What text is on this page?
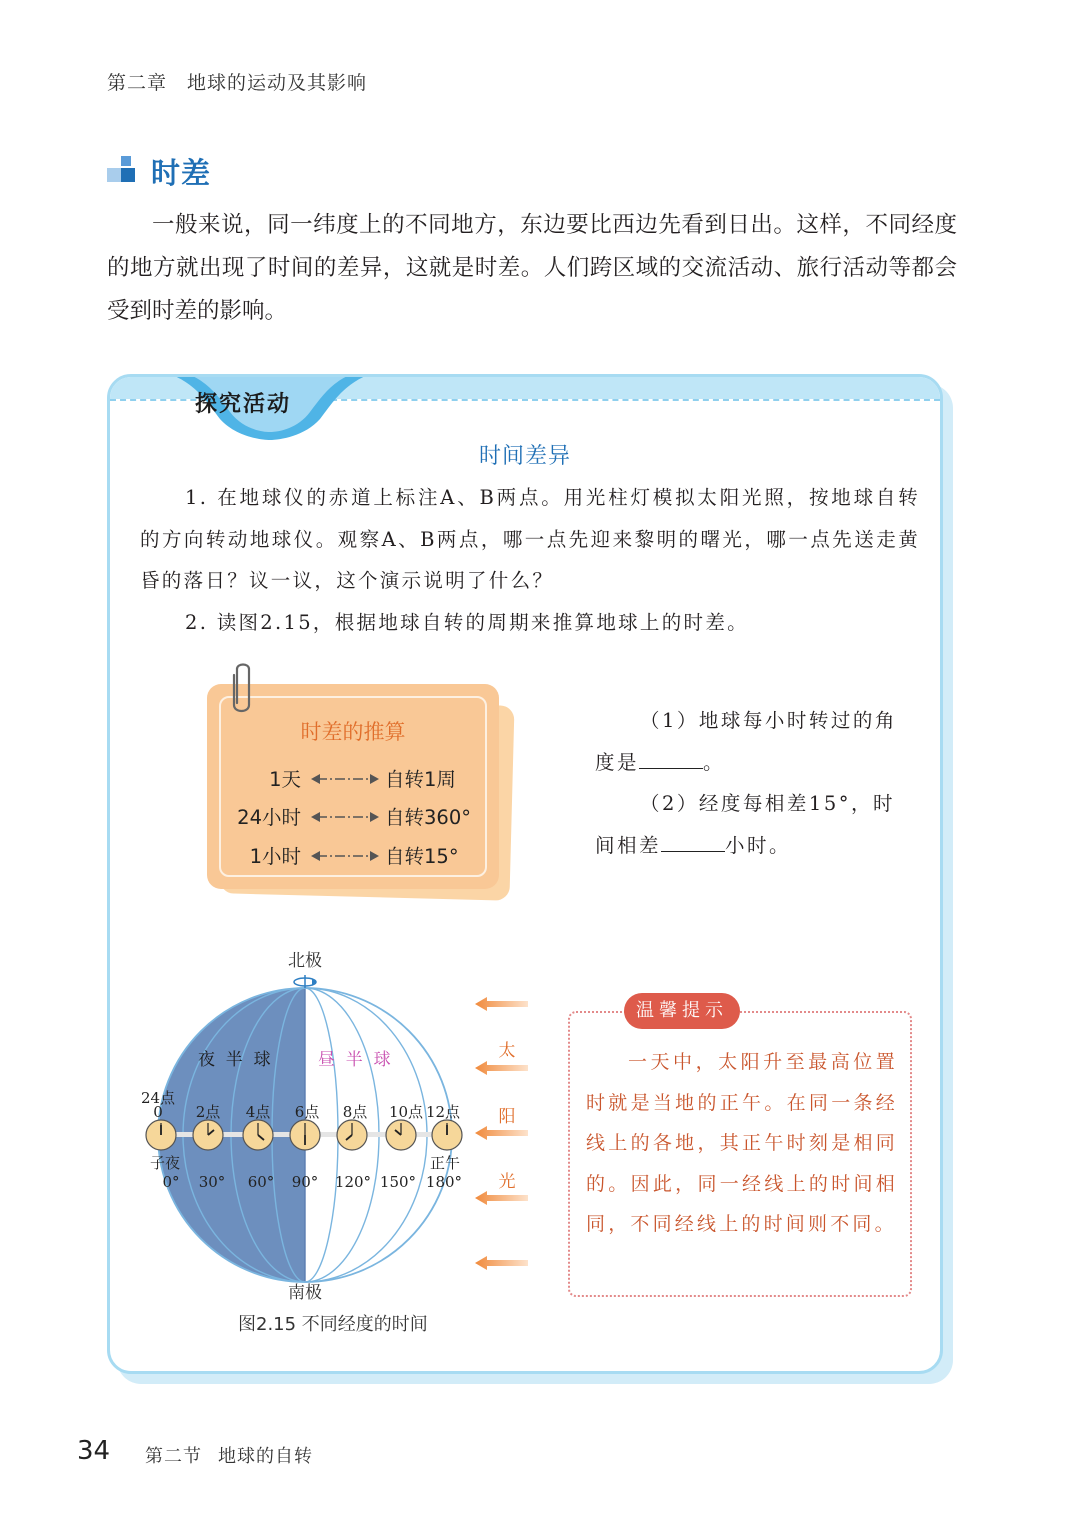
第二章 地球的运动及其影响
时差

一般来说，同一纬度上的不同地方，东边要比西边先看到日出。这样，不同经度的地方就出现了时间的差异，这就是时差。人们跨区域的交流活动、旅行活动等都会受到时差的影响。

探究活动
时间差异

1. 在地球仪的赤道上标注A、B两点。用光柱灯模拟太阳光照，按地球自转的方向转动地球仪。观察A、B两点，哪一点先迎来黎明的曙光，哪一点先送走黄昏的落日？议一议，这个演示说明了什么？

2. 读图2.15，根据地球自转的周期来推算地球上的时差。

时差的推算
1天	自转1周
24小时	自转360°
1小时	自转15°

（1）地球每小时转过的角度是	。

（2）经度每相差15°，时间相差	小时。

北极
南极
夜  半  球	昼  半  球
24点
0 2点 4点 6点 8点 10点 12点
子夜	正午
0° 30° 60° 90° 120° 150° 180°
图2.15 不同经度的时间
太
阳
光
温馨提示

一天中，太阳升至最高位置时就是当地的正午。在同一条经线上的各地，其正午时刻是相同的。因此，同一经线上的时间相同，不同经线上的时间则不同。

34 第二节 地球的自转
